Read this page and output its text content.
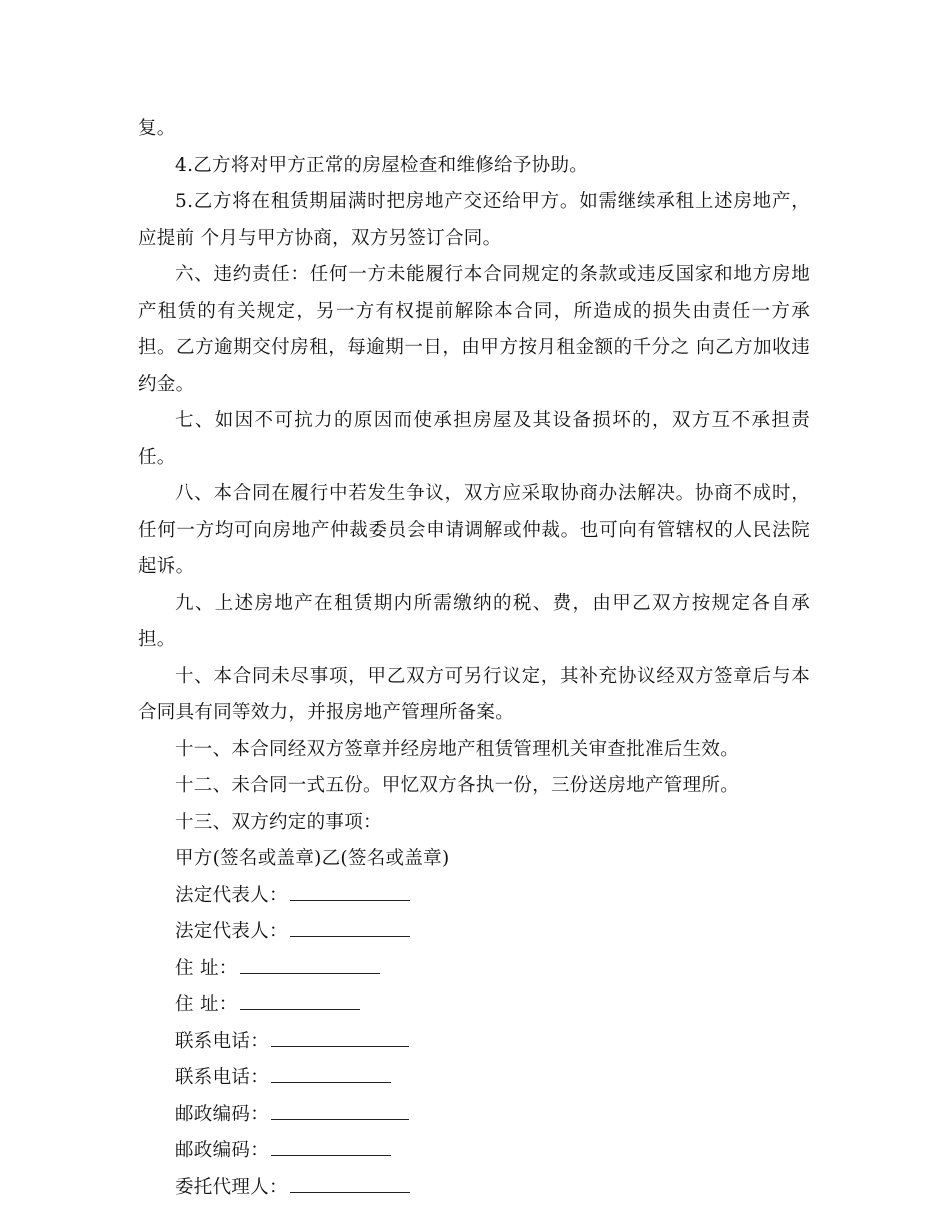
复。

4.乙方将对甲方正常的房屋检查和维修给予协助。

5.乙方将在租赁期届满时把房地产交还给甲方。如需继续承租上述房地产，应提前 个月与甲方协商，双方另签订合同。

六、违约责任：任何一方未能履行本合同规定的条款或违反国家和地方房地产租赁的有关规定，另一方有权提前解除本合同，所造成的损失由责任一方承担。乙方逾期交付房租，每逾期一日，由甲方按月租金额的千分之 向乙方加收违约金。

七、如因不可抗力的原因而使承担房屋及其设备损坏的，双方互不承担责任。

八、本合同在履行中若发生争议，双方应采取协商办法解决。协商不成时，任何一方均可向房地产仲裁委员会申请调解或仲裁。也可向有管辖权的人民法院起诉。

九、上述房地产在租赁期内所需缴纳的税、费，由甲乙双方按规定各自承担。

十、本合同未尽事项，甲乙双方可另行议定，其补充协议经双方签章后与本合同具有同等效力，并报房地产管理所备案。

十一、本合同经双方签章并经房地产租赁管理机关审查批准后生效。

十二、未合同一式五份。甲忆双方各执一份，三份送房地产管理所。

十三、双方约定的事项：

甲方(签名或盖章)乙(签名或盖章)

法定代表人：

法定代表人：

住 址：

住 址：

联系电话：

联系电话：

邮政编码：

邮政编码：

委托代理人：
